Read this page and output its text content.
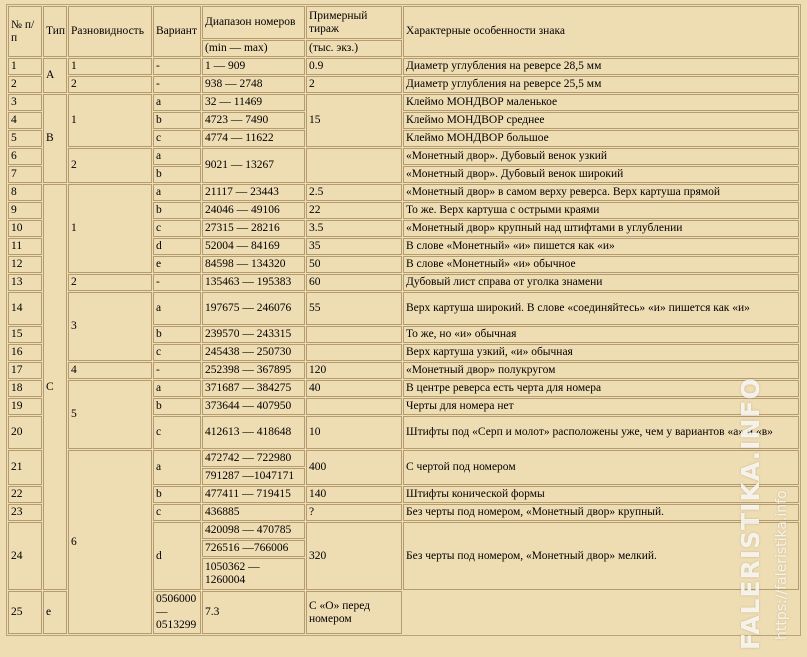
№ п/п	Тип	Разновидность	Вариант	Диапазон номеров	Примерный тираж	Характерные особенности знака
				(min — max)	(тыс. экз.)	
1	A	1	-	1 — 909	0.9	Диаметр углубления на реверсе 28,5 мм
2		2	-	938 — 2748	2	Диаметр углубления на реверсе 25,5 мм
3	B	1	a	32 — 11469	15	Клеймо МОНДВОР маленькое
4			b	4723 — 7490		Клеймо МОНДВОР среднее
5			c	4774 — 11622		Клеймо МОНДВОР большое
6		2	a	9021 — 13267		«Монетный двор». Дубовый венок узкий
7			b			«Монетный двор». Дубовый венок широкий
8	C	1	a	21117 — 23443	2.5	«Монетный двор» в самом верху реверса. Верх картуша прямой
9			b	24046 — 49106	22	То же. Верх картуша с острыми краями
10			c	27315 — 28216	3.5	«Монетный двор» крупный над штифтами в углублении
11			d	52004 — 84169	35	В слове «Монетный» «и» пишется как «и»
12			e	84598 — 134320	50	В слове «Монетный» «и» обычное
13		2	-	135463 — 195383	60	Дубовый лист справа от уголка знамени
14		3	a	197675 — 246076	55	Верх картуша широкий. В слове «соединяйтесь» «и» пишется как «и»
15			b	239570 — 243315		То же, но «и» обычная
16			c	245438 — 250730		Верх картуша узкий, «и» обычная
17		4	-	252398 — 367895	120	«Монетный двор» полукругом
18		5	a	371687 — 384275	40	В центре реверса есть черта для номера
19			b	373644 — 407950		Черты для номера нет
20			c	412613 — 418648	10	Штифты под «Серп и молот» расположены уже, чем у вариантов «а» и «в»
21		6	a	472742 — 722980	400	С чертой под номером
				791287 —1047171		
22			b	477411 — 719415	140	Штифты конической формы
23			c	436885	?	Без черты под номером, «Монетный двор» крупный.
24			d	420098 — 470785	320	Без черты под номером, «Монетный двор» мелкий.
				726516 —766006		
				1050362 — 1260004		
25	e		0506000 — 0513299	7.3	С «О» перед номером		FALERISTIKA.INFO https://faleristika.info
